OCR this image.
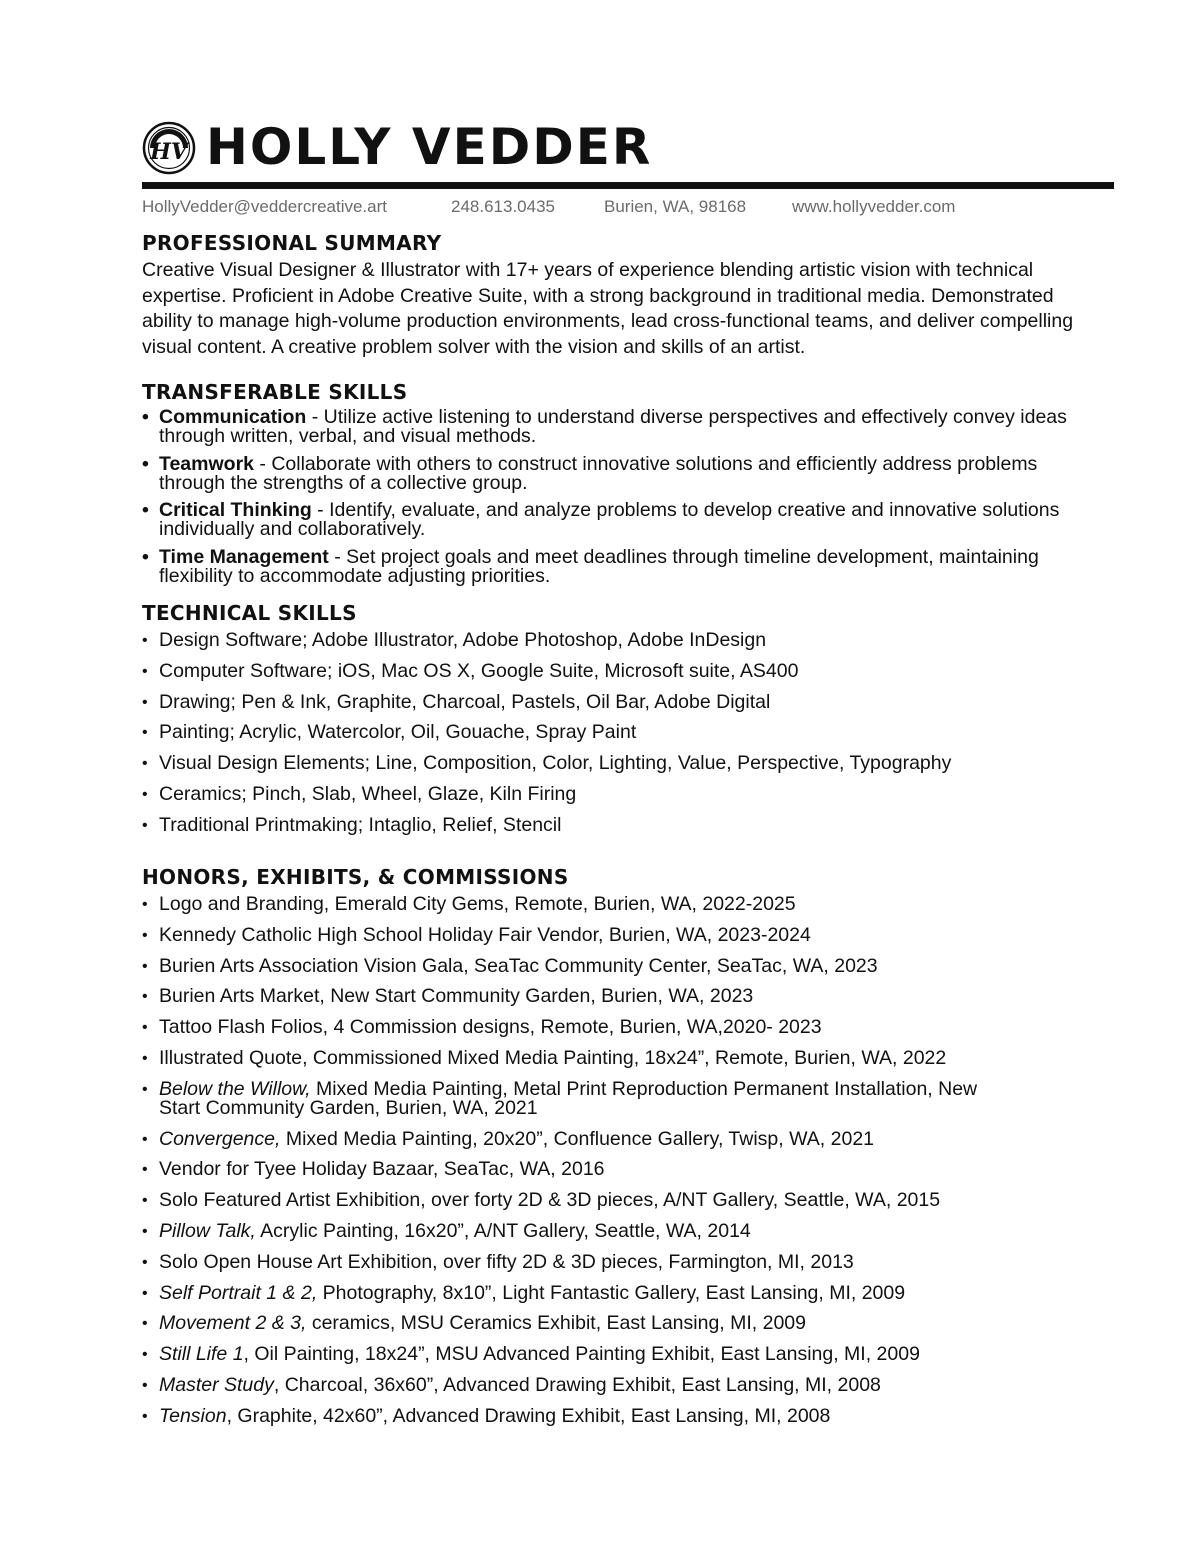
HV HOLLY VEDDER
HollyVedder@veddercreative.art	248.613.0435	Burien, WA, 98168	www.hollyvedder.com
PROFESSIONAL SUMMARY

Creative Visual Designer & Illustrator with 17+ years of experience blending artistic vision with technical expertise. Proficient in Adobe Creative Suite, with a strong background in traditional media. Demonstrated ability to manage high-volume production environments, lead cross-functional teams, and deliver compelling visual content. A creative problem solver with the vision and skills of an artist.

TRANSFERABLE SKILLS
• Communication - Utilize active listening to understand diverse perspectives and effectively convey ideas through written, verbal, and visual methods.
• Teamwork - Collaborate with others to construct innovative solutions and efficiently address problems through the strengths of a collective group.
• Critical Thinking - Identify, evaluate, and analyze problems to develop creative and innovative solutions individually and collaboratively.
• Time Management - Set project goals and meet deadlines through timeline development, maintaining flexibility to accommodate adjusting priorities.
TECHNICAL SKILLS
• Design Software; Adobe Illustrator, Adobe Photoshop, Adobe InDesign
• Computer Software; iOS, Mac OS X, Google Suite, Microsoft suite, AS400
• Drawing; Pen & Ink, Graphite, Charcoal, Pastels, Oil Bar, Adobe Digital
• Painting; Acrylic, Watercolor, Oil, Gouache, Spray Paint
• Visual Design Elements; Line, Composition, Color, Lighting, Value, Perspective, Typography
• Ceramics; Pinch, Slab, Wheel, Glaze, Kiln Firing
• Traditional Printmaking; Intaglio, Relief, Stencil
HONORS, EXHIBITS, & COMMISSIONS
• Logo and Branding, Emerald City Gems, Remote, Burien, WA, 2022-2025
• Kennedy Catholic High School Holiday Fair Vendor, Burien, WA, 2023-2024
• Burien Arts Association Vision Gala, SeaTac Community Center, SeaTac, WA, 2023
• Burien Arts Market, New Start Community Garden, Burien, WA, 2023
• Tattoo Flash Folios, 4 Commission designs, Remote, Burien, WA,2020- 2023
• Illustrated Quote, Commissioned Mixed Media Painting, 18x24”, Remote, Burien, WA, 2022
• Below the Willow, Mixed Media Painting, Metal Print Reproduction Permanent Installation, New Start Community Garden, Burien, WA, 2021
• Convergence, Mixed Media Painting, 20x20”, Confluence Gallery, Twisp, WA, 2021
• Vendor for Tyee Holiday Bazaar, SeaTac, WA, 2016
• Solo Featured Artist Exhibition, over forty 2D & 3D pieces, A/NT Gallery, Seattle, WA, 2015
• Pillow Talk, Acrylic Painting, 16x20”, A/NT Gallery, Seattle, WA, 2014
• Solo Open House Art Exhibition, over fifty 2D & 3D pieces, Farmington, MI, 2013
• Self Portrait 1 & 2, Photography, 8x10”, Light Fantastic Gallery, East Lansing, MI, 2009
• Movement 2 & 3, ceramics, MSU Ceramics Exhibit, East Lansing, MI, 2009
• Still Life 1, Oil Painting, 18x24”, MSU Advanced Painting Exhibit, East Lansing, MI, 2009
• Master Study, Charcoal, 36x60”, Advanced Drawing Exhibit, East Lansing, MI, 2008
• Tension, Graphite, 42x60”, Advanced Drawing Exhibit, East Lansing, MI, 2008
